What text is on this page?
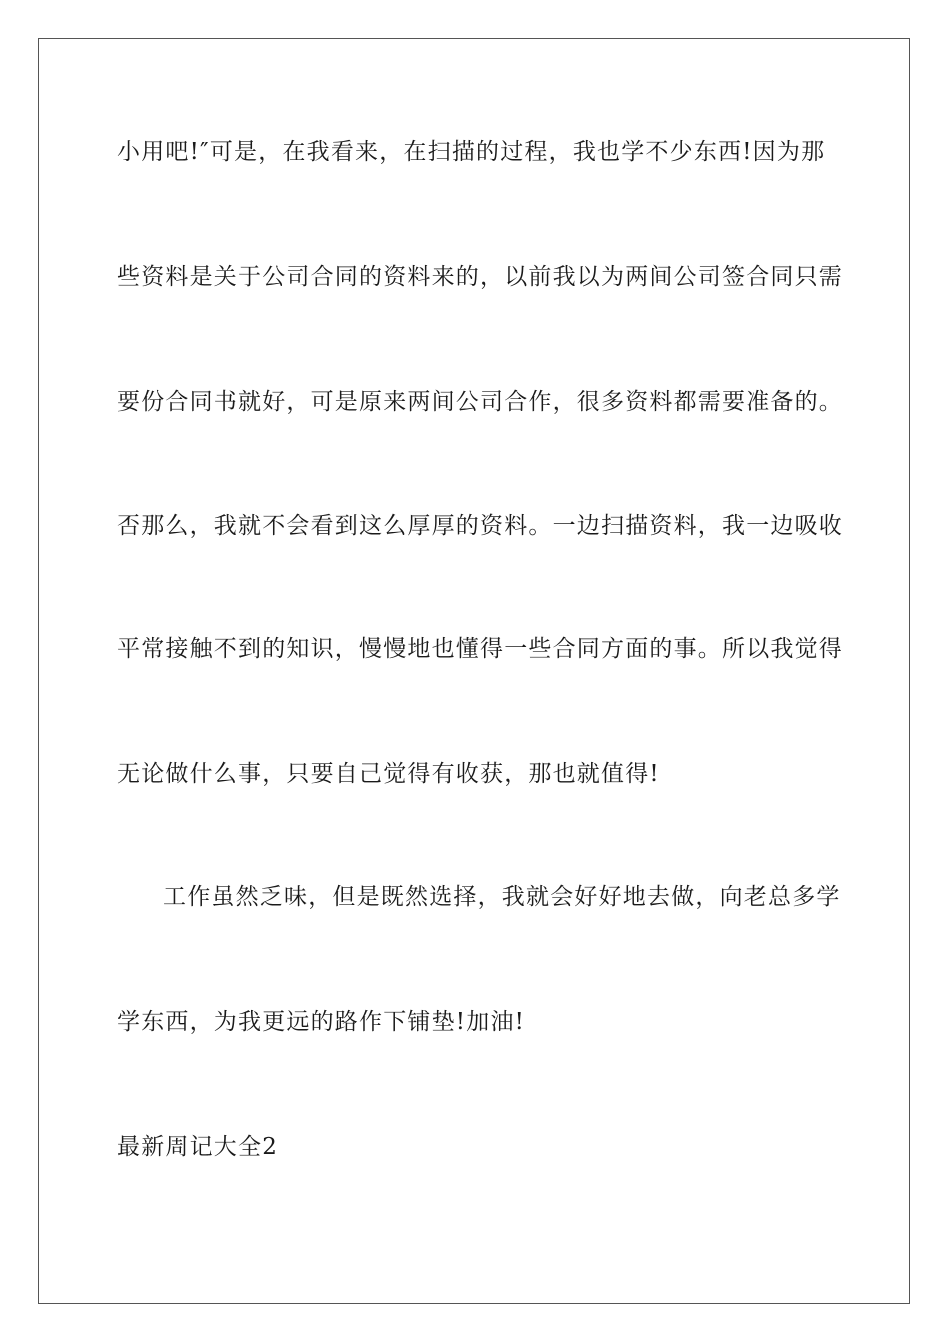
小用吧!″可是，在我看来，在扫描的过程，我也学不少东西!因为那
些资料是关于公司合同的资料来的，以前我以为两间公司签合同只需
要份合同书就好，可是原来两间公司合作，很多资料都需要准备的。
否那么，我就不会看到这么厚厚的资料。一边扫描资料，我一边吸收
平常接触不到的知识，慢慢地也懂得一些合同方面的事。所以我觉得
无论做什么事，只要自己觉得有收获，那也就值得!
工作虽然乏味，但是既然选择，我就会好好地去做，向老总多学
学东西，为我更远的路作下铺垫!加油!
最新周记大全2
